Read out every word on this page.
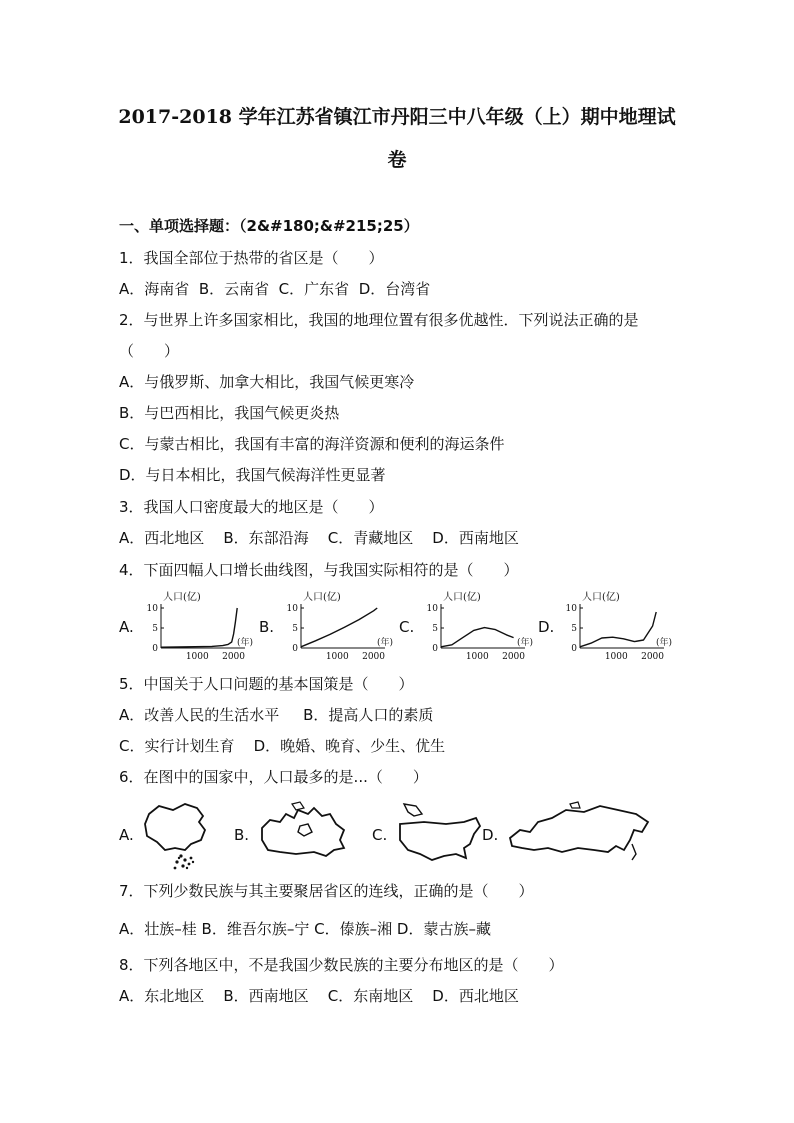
2017-2018 学年江苏省镇江市丹阳三中八年级（上）期中地理试
卷
一、单项选择题：（2&#180;&#215;25）
1．我国全部位于热带的省区是（　　）
A．海南省 B．云南省 C．广东省 D．台湾省
2．与世界上许多国家相比，我国的地理位置有很多优越性．下列说法正确的是
（　　）
A．与俄罗斯、加拿大相比，我国气候更寒冷
B．与巴西相比，我国气候更炎热
C．与蒙古相比，我国有丰富的海洋资源和便利的海运条件
D．与日本相比，我国气候海洋性更显著
3．我国人口密度最大的地区是（　　）
A．西北地区 B．东部沿海 C．青藏地区 D．西南地区
4．下面四幅人口增长曲线图，与我国实际相符的是（　　）
A.
人口(亿)
10
5
0
1000 2000
(年)
B.
人口(亿)
10
5
0
1000 2000
(年)
C.
人口(亿)
10
5
0
1000 2000
(年)
D.
人口(亿)
10
5
0
1000 2000
(年)
5．中国关于人口问题的基本国策是（　　）
A．改善人民的生活水平 B．提高人口的素质
C．实行计划生育 D．晚婚、晚育、少生、优生
6．在图中的国家中，人口最多的是...（　　）
A.	B.	C.	D.
7．下列少数民族与其主要聚居省区的连线，正确的是（　　）
A．壮族–桂 B．维吾尔族–宁 C．傣族–湘 D．蒙古族–藏
8．下列各地区中，不是我国少数民族的主要分布地区的是（　　）
A．东北地区 B．西南地区 C．东南地区 D．西北地区
